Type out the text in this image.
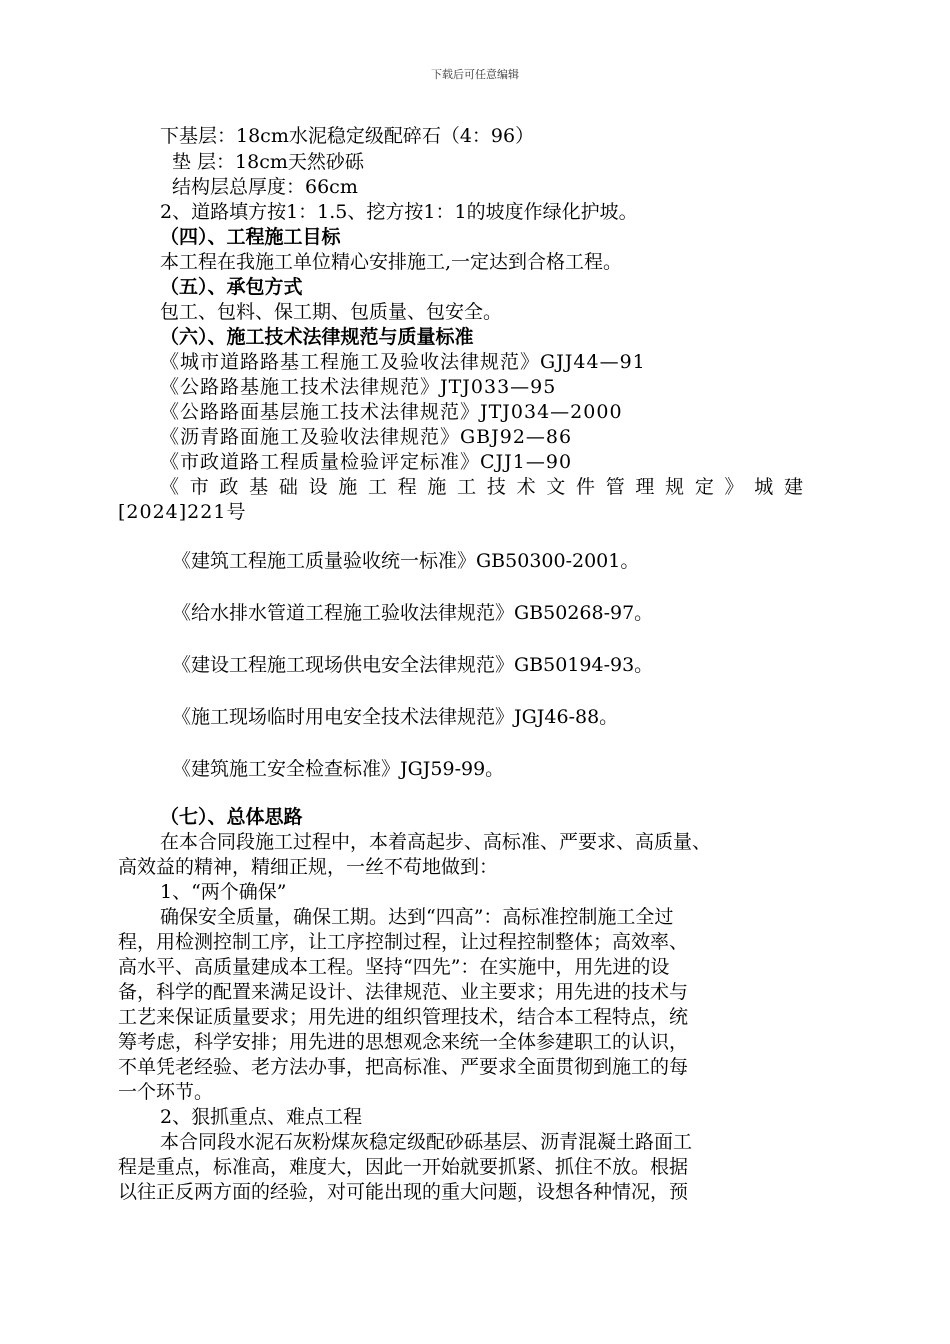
下载后可任意编辑
下基层：18cm水泥稳定级配碎石（4：96）
垫 层：18cm天然砂砾
结构层总厚度：66cm
2、道路填方按1：1.5、挖方按1：1的坡度作绿化护坡。
（四）、工程施工目标
本工程在我施工单位精心安排施工,一定达到合格工程。
（五）、承包方式
包工、包料、保工期、包质量、包安全。
（六）、施工技术法律规范与质量标准
《城市道路路基工程施工及验收法律规范》GJJ44—91
《公路路基施工技术法律规范》JTJ033—95
《公路路面基层施工技术法律规范》JTJ034—2000
《沥青路面施工及验收法律规范》GBJ92—86
《市政道路工程质量检验评定标准》CJJ1—90
《市政基础设施工程施工技术文件管理规定》城建
[2024]221号
《建筑工程施工质量验收统一标准》GB50300-2001。
《给水排水管道工程施工验收法律规范》GB50268-97。
《建设工程施工现场供电安全法律规范》GB50194-93。
《施工现场临时用电安全技术法律规范》JGJ46-88。
《建筑施工安全检查标准》JGJ59-99。
（七）、总体思路
在本合同段施工过程中，本着高起步、高标准、严要求、高质量、
高效益的精神，精细正规，一丝不苟地做到：
1、“两个确保”
确保安全质量，确保工期。达到“四高”：高标准控制施工全过
程，用检测控制工序，让工序控制过程，让过程控制整体；高效率、
高水平、高质量建成本工程。坚持“四先”：在实施中，用先进的设
备，科学的配置来满足设计、法律规范、业主要求；用先进的技术与
工艺来保证质量要求；用先进的组织管理技术，结合本工程特点，统
筹考虑，科学安排；用先进的思想观念来统一全体参建职工的认识，
不单凭老经验、老方法办事，把高标准、严要求全面贯彻到施工的每
一个环节。
2、狠抓重点、难点工程
本合同段水泥石灰粉煤灰稳定级配砂砾基层、沥青混凝土路面工
程是重点，标准高，难度大，因此一开始就要抓紧、抓住不放。根据
以往正反两方面的经验，对可能出现的重大问题，设想各种情况，预
